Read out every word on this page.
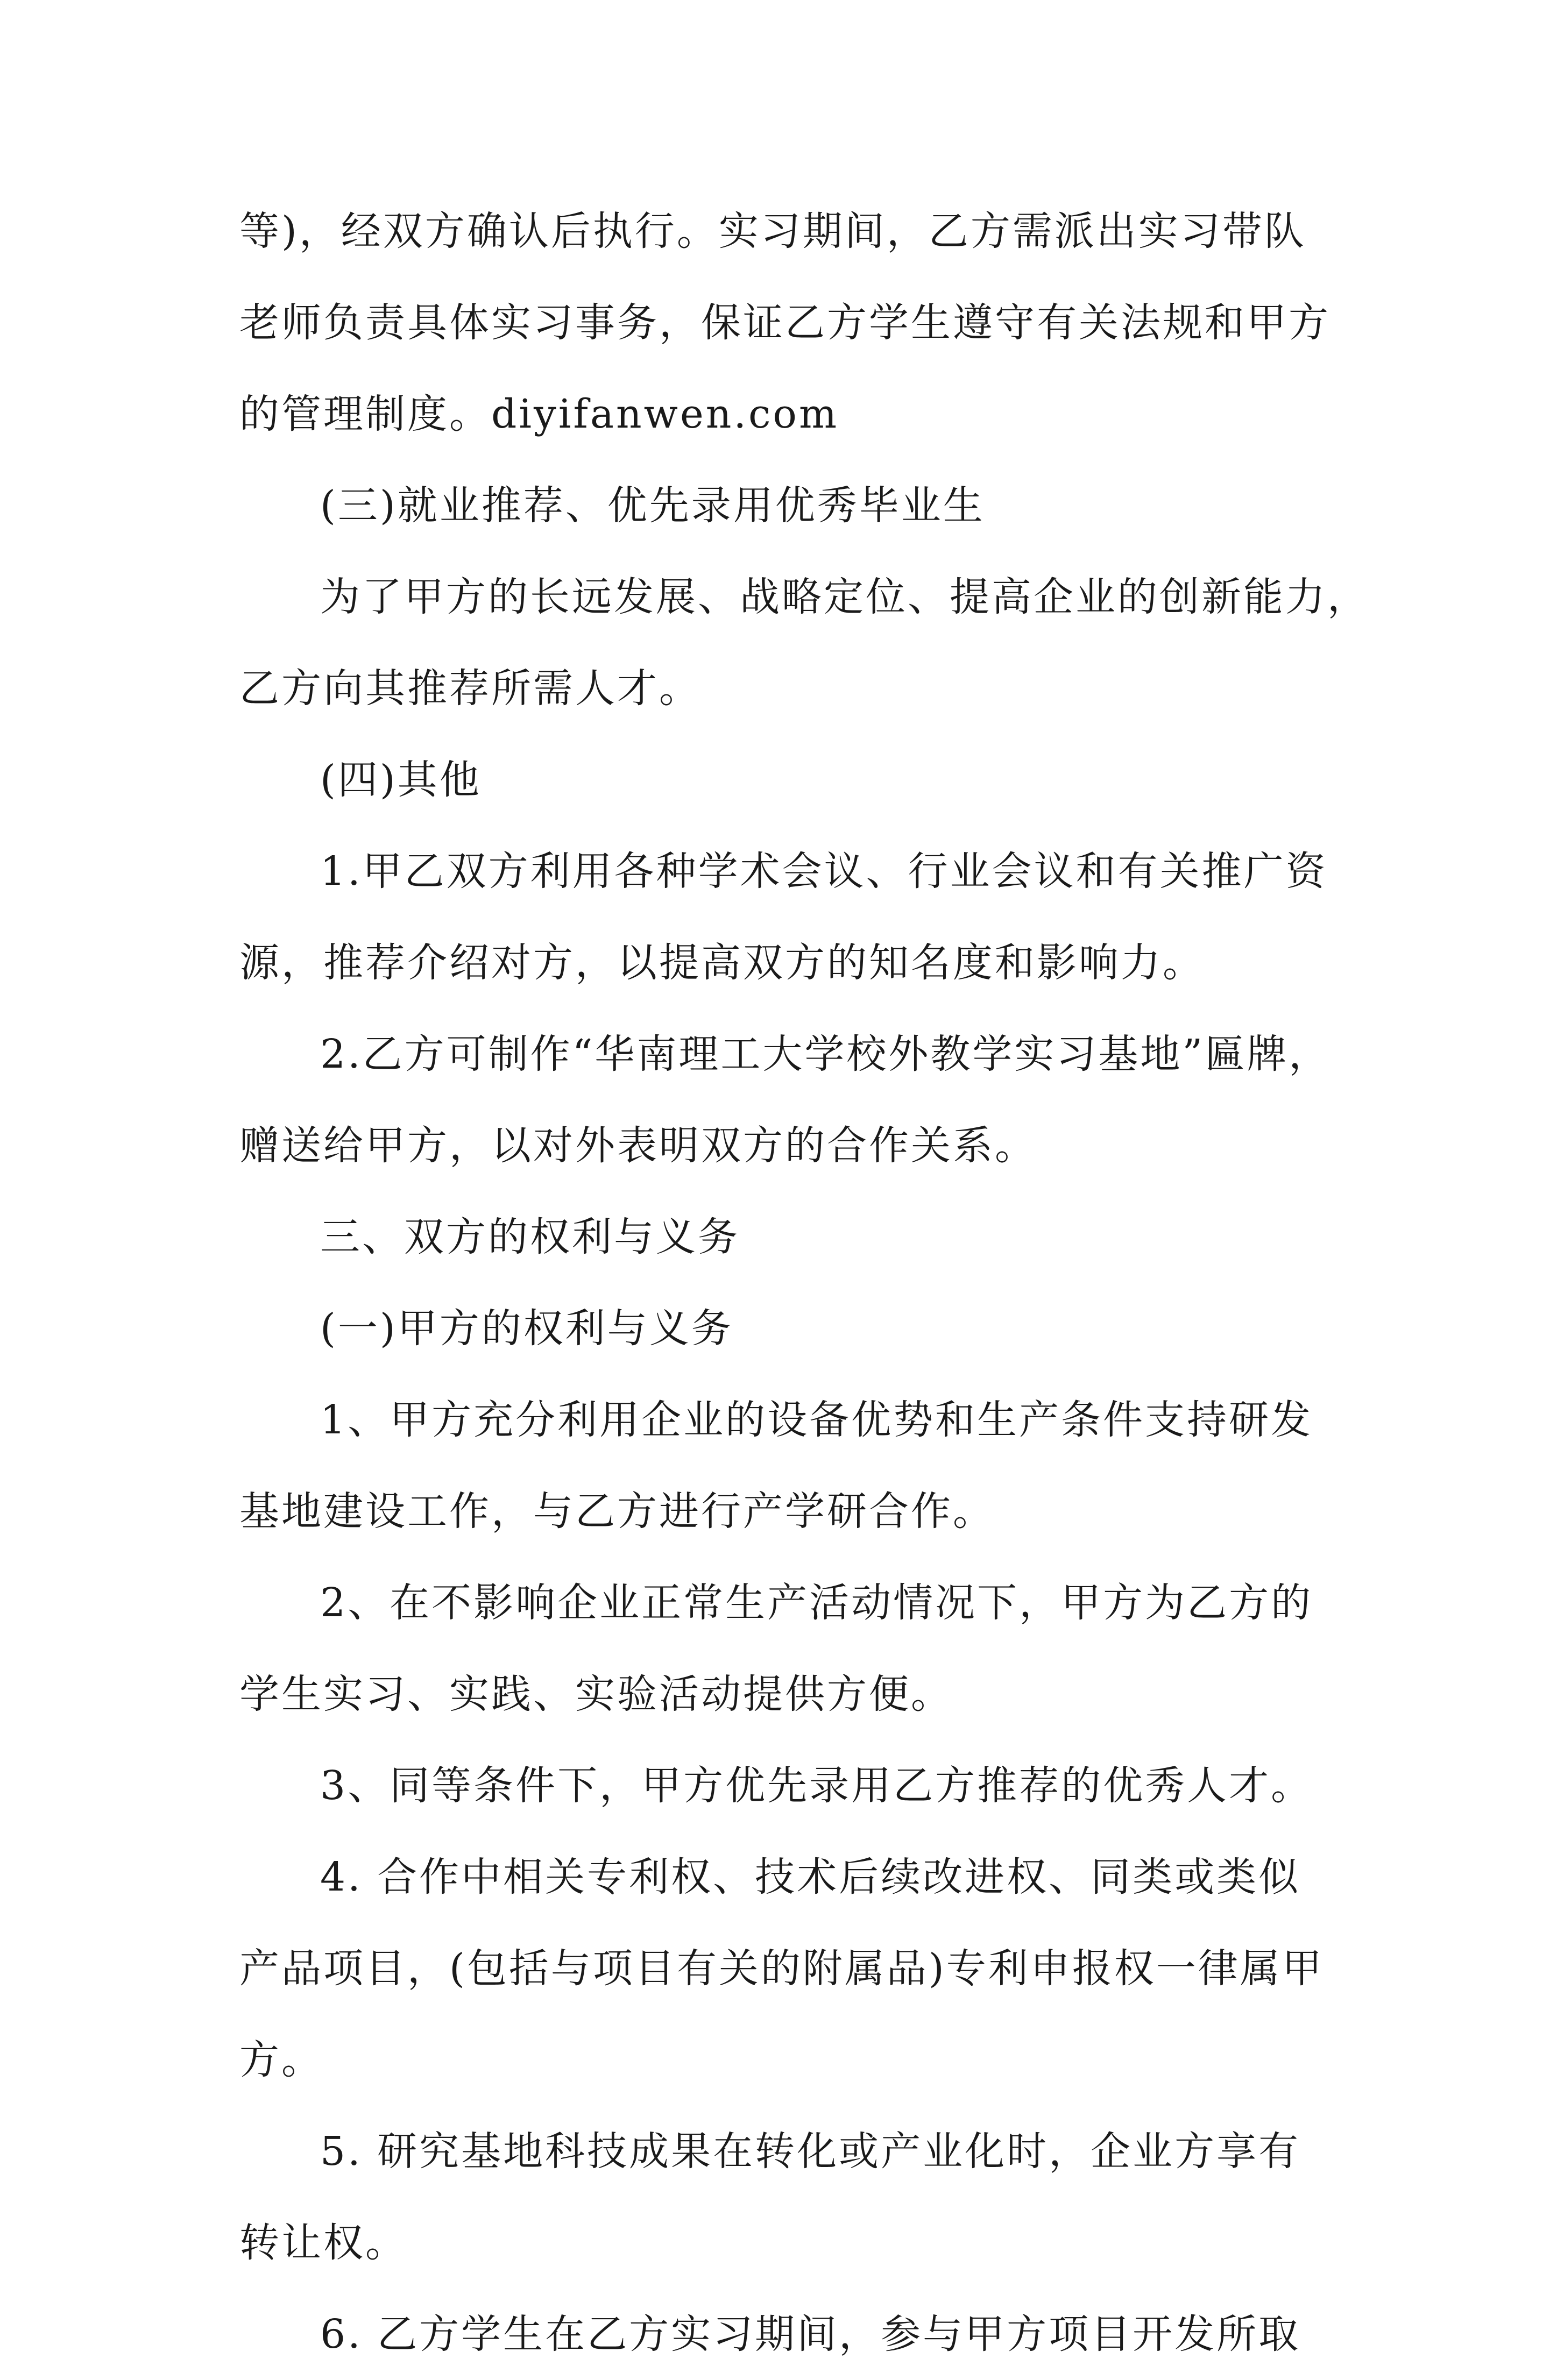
等)，经双方确认后执行。实习期间，乙方需派出实习带队
老师负责具体实习事务，保证乙方学生遵守有关法规和甲方
的管理制度。diyifanwen.com
(三)就业推荐、优先录用优秀毕业生
为了甲方的长远发展、战略定位、提高企业的创新能力，
乙方向其推荐所需人才。
(四)其他
1.甲乙双方利用各种学术会议、行业会议和有关推广资
源，推荐介绍对方，以提高双方的知名度和影响力。
2.乙方可制作“华南理工大学校外教学实习基地”匾牌，
赠送给甲方，以对外表明双方的合作关系。
三、双方的权利与义务
(一)甲方的权利与义务
1、甲方充分利用企业的设备优势和生产条件支持研发
基地建设工作，与乙方进行产学研合作。
2、在不影响企业正常生产活动情况下，甲方为乙方的
学生实习、实践、实验活动提供方便。
3、同等条件下，甲方优先录用乙方推荐的优秀人才。
4. 合作中相关专利权、技术后续改进权、同类或类似
产品项目，(包括与项目有关的附属品)专利申报权一律属甲
方。
5. 研究基地科技成果在转化或产业化时，企业方享有
转让权。
6. 乙方学生在乙方实习期间，参与甲方项目开发所取
